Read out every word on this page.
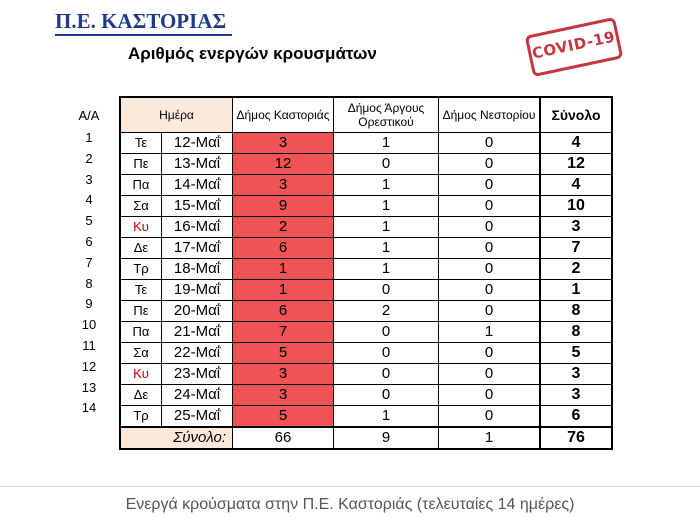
Π.Ε. ΚΑΣΤΟΡΙΑΣ
Αριθμός ενεργών κρουσμάτων	COVID-19
Α/Α
1
2
3
4
5
6
7
8
9
10
11
12
13
14
Ημέρα		Δήμος Καστοριάς	Δήμος Άργους Ορεστικού	Δήμος Νεστορίου	Σύνολο
Τε	12-Μαΐ	3	1	0	4
Πε	13-Μαΐ	12	0	0	12
Πα	14-Μαΐ	3	1	0	4
Σα	15-Μαΐ	9	1	0	10
Κυ	16-Μαΐ	2	1	0	3
Δε	17-Μαΐ	6	1	0	7
Τρ	18-Μαΐ	1	1	0	2
Τε	19-Μαΐ	1	0	0	1
Πε	20-Μαΐ	6	2	0	8
Πα	21-Μαΐ	7	0	1	8
Σα	22-Μαΐ	5	0	0	5
Κυ	23-Μαΐ	3	0	0	3
Δε	24-Μαΐ	3	0	0	3
Τρ	25-Μαΐ	5	1	0	6
Σύνολο:		66	9	1	76
Ενεργά κρούσματα στην Π.Ε. Καστοριάς (τελευταίες 14 ημέρες)
